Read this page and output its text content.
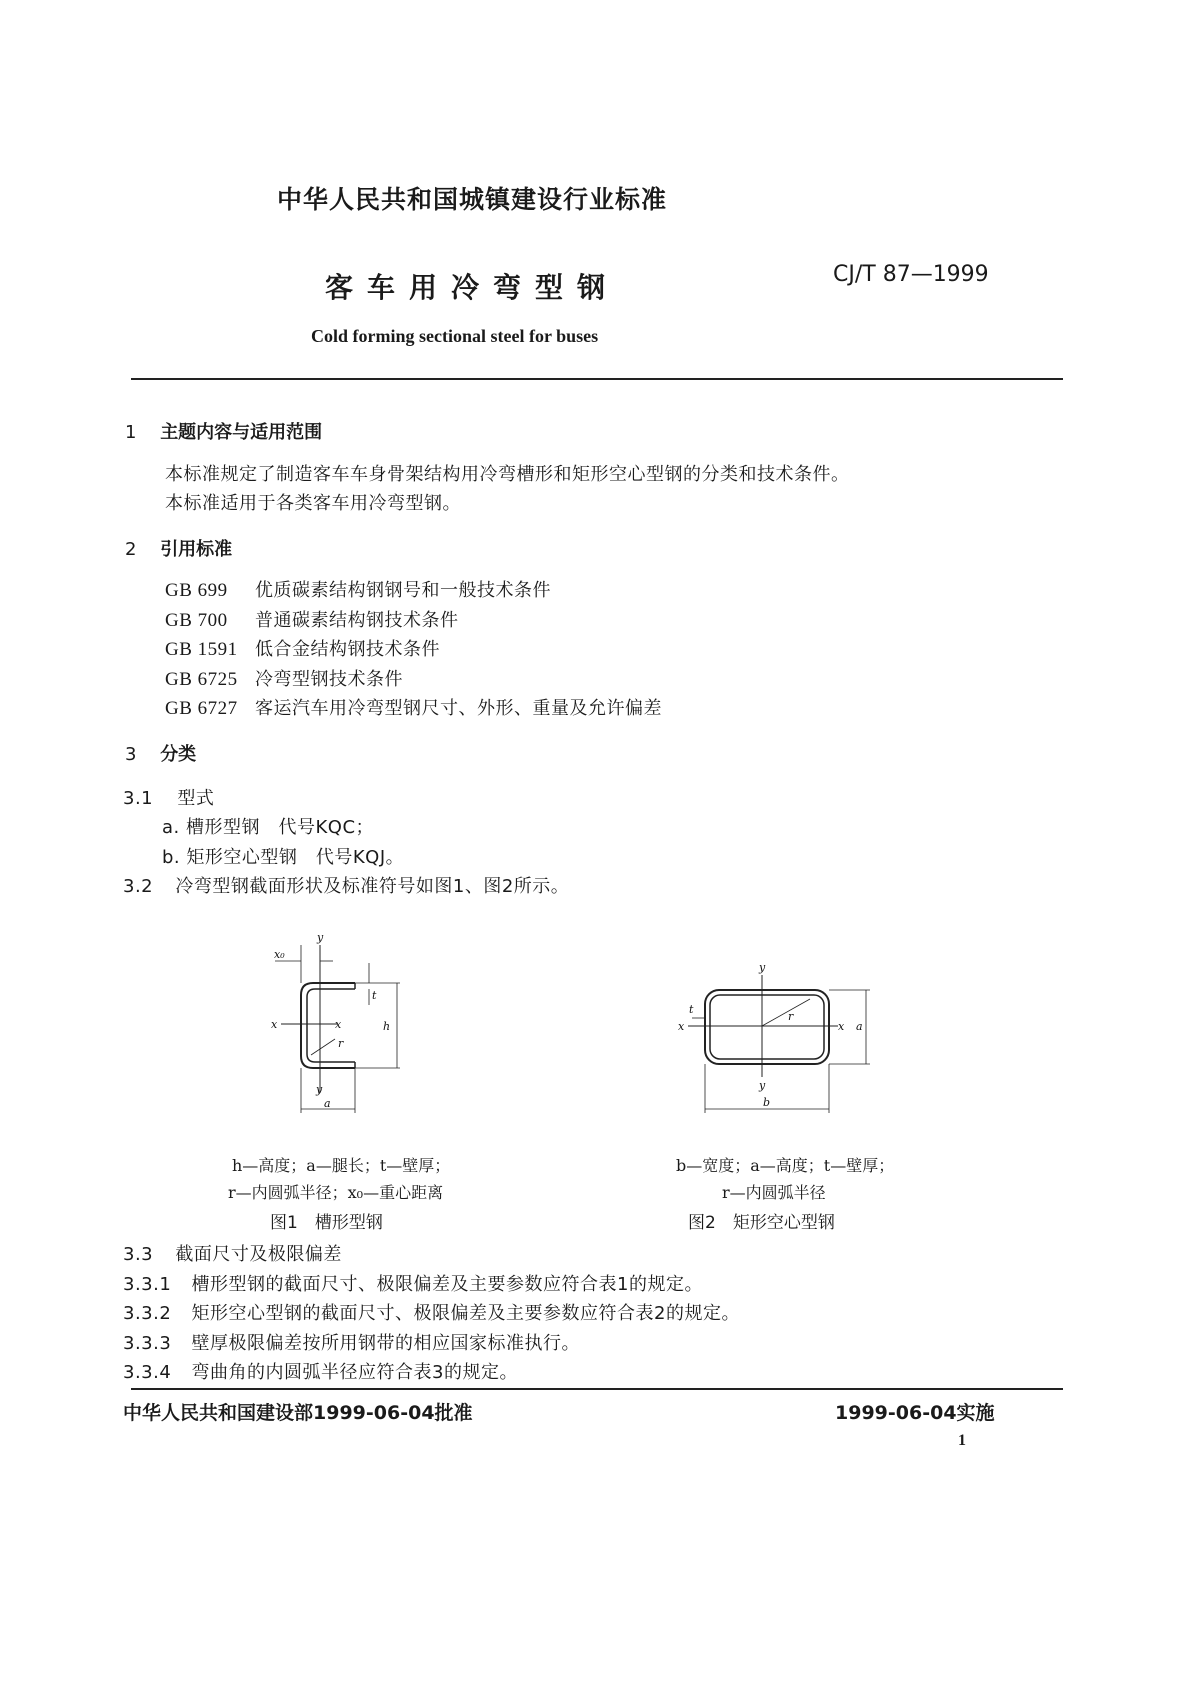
中华人民共和国城镇建设行业标准
客车用冷弯型钢	CJ/T 87—1999
Cold forming sectional steel for buses
1 主题内容与适用范围
本标准规定了制造客车车身骨架结构用冷弯槽形和矩形空心型钢的分类和技术条件。
本标准适用于各类客车用冷弯型钢。
2 引用标准
GB 699 优质碳素结构钢钢号和一般技术条件
GB 700 普通碳素结构钢技术条件
GB 1591 低合金结构钢技术条件
GB 6725 冷弯型钢技术条件
GB 6727 客运汽车用冷弯型钢尺寸、外形、重量及允许偏差
3 分类
3.1 型式
a. 槽形型钢　代号KQC；
b. 矩形空心型钢　代号KQJ。
3.2 冷弯型钢截面形状及标准符号如图1、图2所示。
y
x₀
x	x
t
h
r
y
a
h—高度；a—腿长；t—壁厚；
r—内圆弧半径；x₀—重心距离
图1　槽形型钢
y
t
x	x
r
a
y
b
b—宽度；a—高度；t—壁厚；
r—内圆弧半径
图2　矩形空心型钢
3.3 截面尺寸及极限偏差
3.3.1 槽形型钢的截面尺寸、极限偏差及主要参数应符合表1的规定。
3.3.2 矩形空心型钢的截面尺寸、极限偏差及主要参数应符合表2的规定。
3.3.3 壁厚极限偏差按所用钢带的相应国家标准执行。
3.3.4 弯曲角的内圆弧半径应符合表3的规定。
中华人民共和国建设部1999-06-04批准	1999-06-04实施
1
